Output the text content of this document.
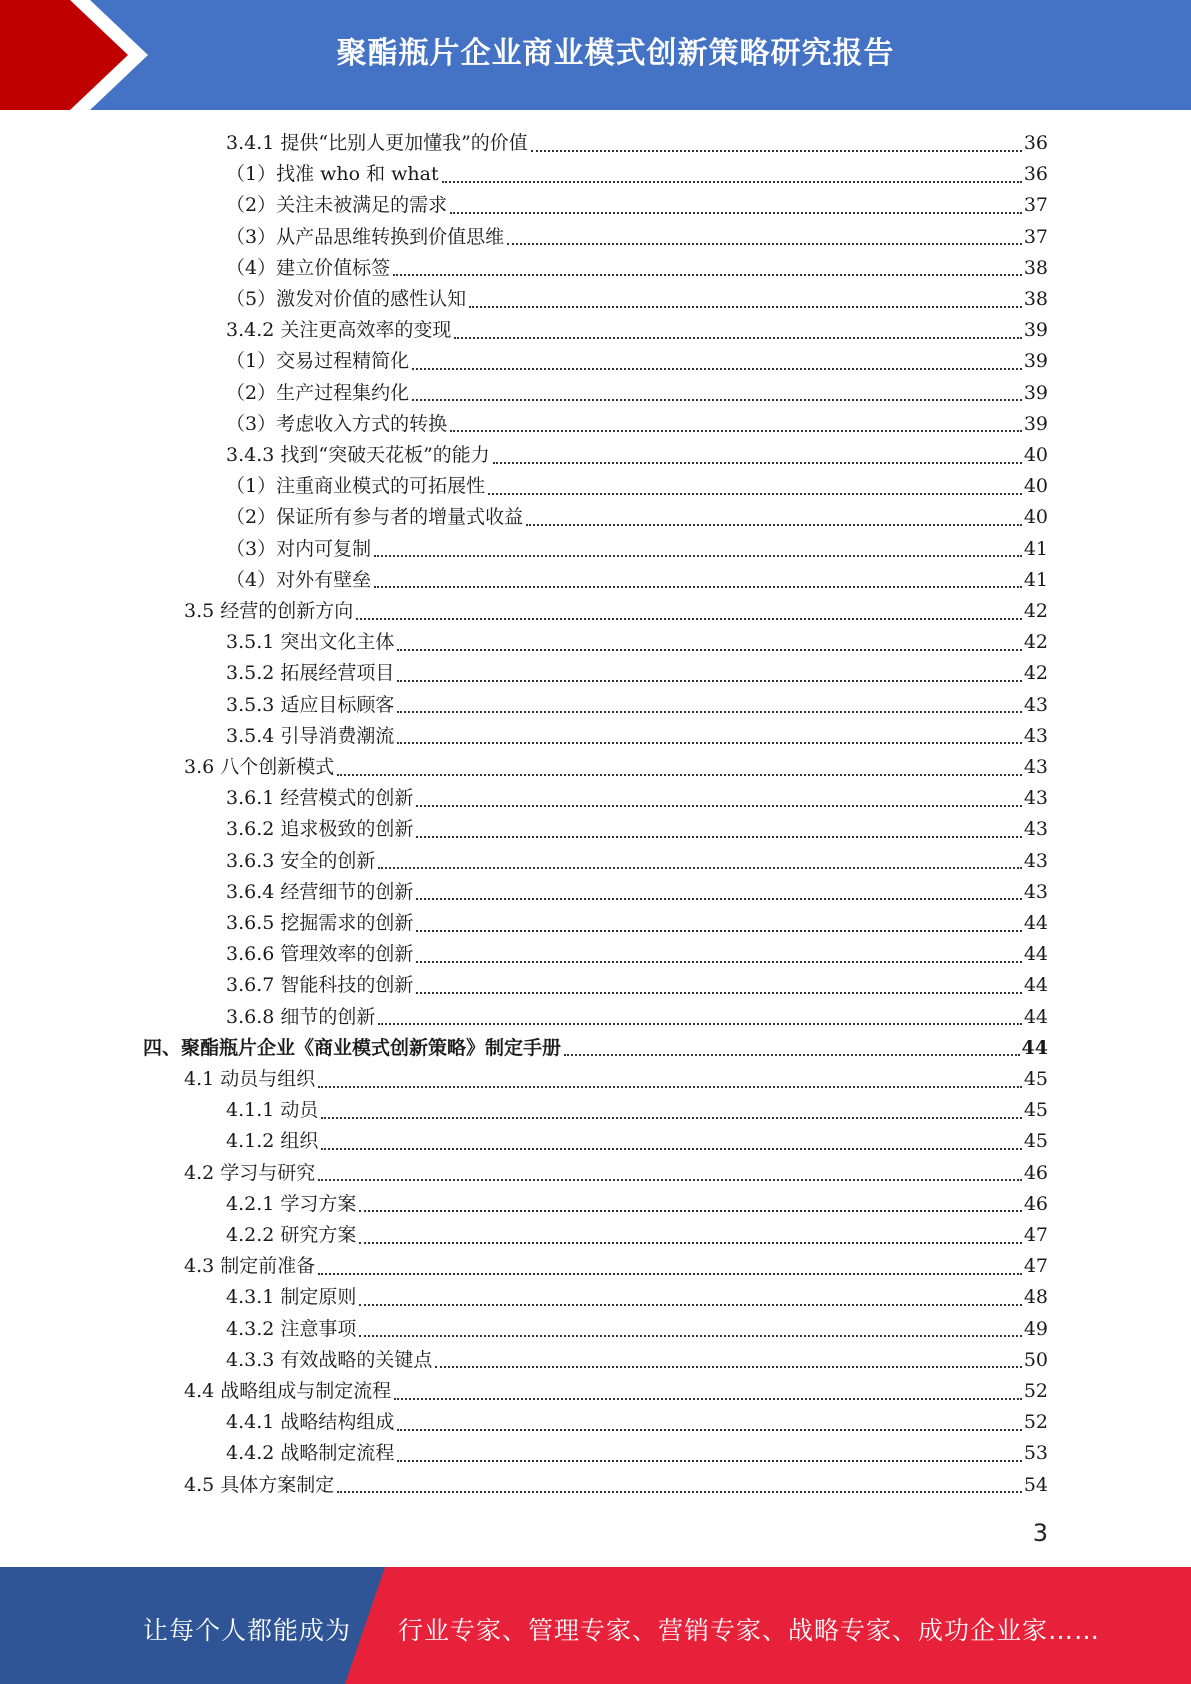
聚酯瓶片企业商业模式创新策略研究报告
3.4.1 提供“比别人更加懂我”的价值	36
（1）找准 who 和 what	36
（2）关注未被满足的需求	37
（3）从产品思维转换到价值思维	37
（4）建立价值标签	38
（5）激发对价值的感性认知	38
3.4.2 关注更高效率的变现	39
（1）交易过程精简化	39
（2）生产过程集约化	39
（3）考虑收入方式的转换	39
3.4.3 找到“突破天花板”的能力	40
（1）注重商业模式的可拓展性	40
（2）保证所有参与者的增量式收益	40
（3）对内可复制	41
（4）对外有壁垒	41
3.5 经营的创新方向	42
3.5.1 突出文化主体	42
3.5.2 拓展经营项目	42
3.5.3 适应目标顾客	43
3.5.4 引导消费潮流	43
3.6 八个创新模式	43
3.6.1 经营模式的创新	43
3.6.2 追求极致的创新	43
3.6.3 安全的创新	43
3.6.4 经营细节的创新	43
3.6.5 挖掘需求的创新	44
3.6.6 管理效率的创新	44
3.6.7 智能科技的创新	44
3.6.8 细节的创新	44
四、聚酯瓶片企业《商业模式创新策略》制定手册	44
4.1 动员与组织	45
4.1.1 动员	45
4.1.2 组织	45
4.2 学习与研究	46
4.2.1 学习方案	46
4.2.2 研究方案	47
4.3 制定前准备	47
4.3.1 制定原则	48
4.3.2 注意事项	49
4.3.3 有效战略的关键点	50
4.4 战略组成与制定流程	52
4.4.1 战略结构组成	52
4.4.2 战略制定流程	53
4.5 具体方案制定	54
3
让每个人都能成为 行业专家、管理专家、营销专家、战略专家、成功企业家……
